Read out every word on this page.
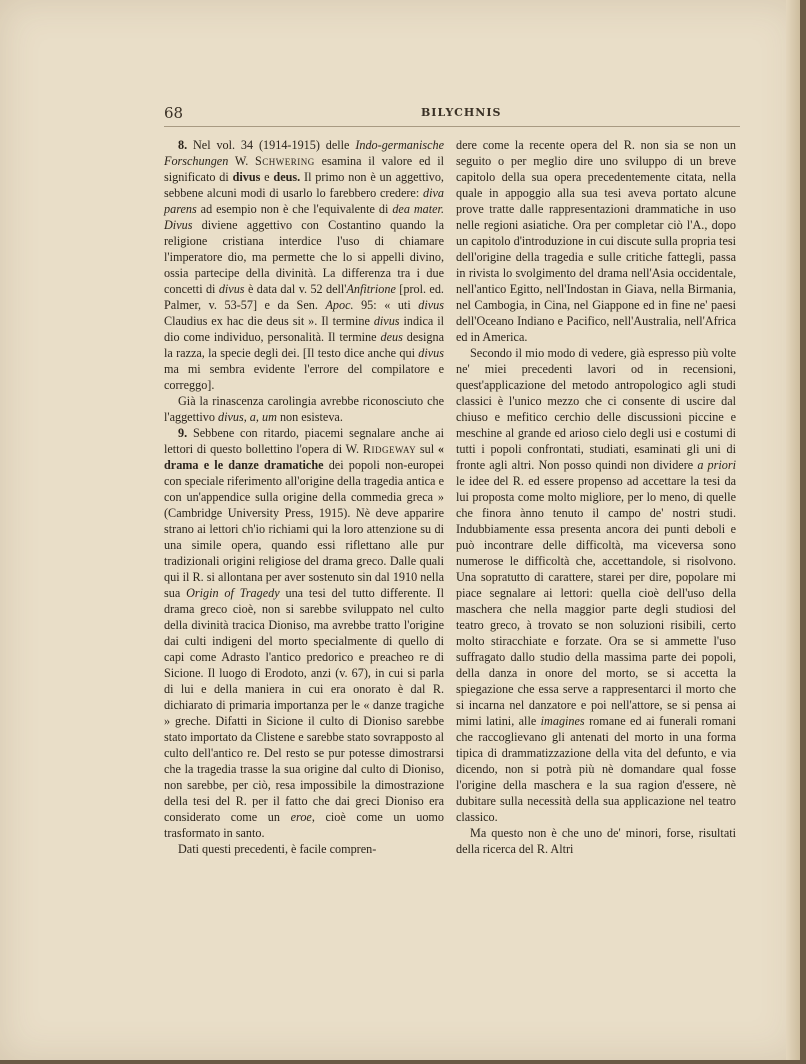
68	BILYCHNIS

8. Nel vol. 34 (1914-1915) delle Indo-germanische Forschungen W. Schwering esamina il valore ed il significato di divus e deus. Il primo non è un aggettivo, sebbene alcuni modi di usarlo lo farebbero credere: diva parens ad esempio non è che l'equivalente di dea mater. Divus diviene aggettivo con Costantino quando la religione cristiana interdice l'uso di chiamare l'imperatore dio, ma permette che lo si appelli divino, ossia partecipe della divinità. La differenza tra i due concetti di divus è data dal v. 52 dell'Anfitrione [prol. ed. Palmer, v. 53-57] e da Sen. Apoc. 95: « uti divus Claudius ex hac die deus sit ». Il termine divus indica il dio come individuo, personalità. Il termine deus designa la razza, la specie degli dei. [Il testo dice anche qui divus ma mi sembra evidente l'errore del compilatore e correggo].

Già la rinascenza carolingia avrebbe riconosciuto che l'aggettivo divus, a, um non esisteva.

9. Sebbene con ritardo, piacemi segnalare anche ai lettori di questo bollettino l'opera di W. Ridgeway sul « drama e le danze dramatiche dei popoli non-europei con speciale riferimento all'origine della tragedia antica e con un'appendice sulla origine della commedia greca » (Cambridge University Press, 1915). Nè deve apparire strano ai lettori ch'io richiami qui la loro attenzione su di una simile opera, quando essi riflettano alle pur tradizionali origini religiose del drama greco. Dalle quali qui il R. si allontana per aver sostenuto sin dal 1910 nella sua Origin of Tragedy una tesi del tutto differente. Il drama greco cioè, non si sarebbe sviluppato nel culto della divinità tracica Dioniso, ma avrebbe tratto l'origine dai culti indigeni del morto specialmente di quello di capi come Adrasto l'antico predorico e preacheo re di Sicione. Il luogo di Erodoto, anzi (v. 67), in cui si parla di lui e della maniera in cui era onorato è dal R. dichiarato di primaria importanza per le « danze tragiche » greche. Difatti in Sicione il culto di Dioniso sarebbe stato importato da Clistene e sarebbe stato sovrapposto al culto dell'antico re. Del resto se pur potesse dimostrarsi che la tragedia trasse la sua origine dal culto di Dioniso, non sarebbe, per ciò, resa impossibile la dimostrazione della tesi del R. per il fatto che dai greci Dioniso era considerato come un eroe, cioè come un uomo trasformato in santo.

Dati questi precedenti, è facile compren-

dere come la recente opera del R. non sia se non un seguito o per meglio dire uno sviluppo di un breve capitolo della sua opera precedentemente citata, nella quale in appoggio alla sua tesi aveva portato alcune prove tratte dalle rappresentazioni drammatiche in uso nelle regioni asiatiche. Ora per completar ciò l'A., dopo un capitolo d'introduzione in cui discute sulla propria tesi dell'origine della tragedia e sulle critiche fattegli, passa in rivista lo svolgimento del drama nell'Asia occidentale, nell'antico Egitto, nell'Indostan in Giava, nella Birmania, nel Cambogia, in Cina, nel Giappone ed in fine ne' paesi dell'Oceano Indiano e Pacifico, nell'Australia, nell'Africa ed in America.

Secondo il mio modo di vedere, già espresso più volte ne' miei precedenti lavori od in recensioni, quest'applicazione del metodo antropologico agli studi classici è l'unico mezzo che ci consente di uscire dal chiuso e mefitico cerchio delle discussioni piccine e meschine al grande ed arioso cielo degli usi e costumi di tutti i popoli confrontati, studiati, esaminati gli uni di fronte agli altri. Non posso quindi non dividere a priori le idee del R. ed essere propenso ad accettare la tesi da lui proposta come molto migliore, per lo meno, di quelle che finora ànno tenuto il campo de' nostri studi. Indubbiamente essa presenta ancora dei punti deboli e può incontrare delle difficoltà, ma viceversa sono numerose le difficoltà che, accettandole, si risolvono. Una sopratutto di carattere, starei per dire, popolare mi piace segnalare ai lettori: quella cioè dell'uso della maschera che nella maggior parte degli studiosi del teatro greco, à trovato se non soluzioni risibili, certo molto stiracchiate e forzate. Ora se si ammette l'uso suffragato dallo studio della massima parte dei popoli, della danza in onore del morto, se si accetta la spiegazione che essa serve a rappresentarci il morto che si incarna nel danzatore e poi nell'attore, se si pensa ai mimi latini, alle imagines romane ed ai funerali romani che raccoglievano gli antenati del morto in una forma tipica di drammatizzazione della vita del defunto, e via dicendo, non si potrà più nè domandare qual fosse l'origine della maschera e la sua ragion d'essere, nè dubitare sulla necessità della sua applicazione nel teatro classico.

Ma questo non è che uno de' minori, forse, risultati della ricerca del R. Altri
